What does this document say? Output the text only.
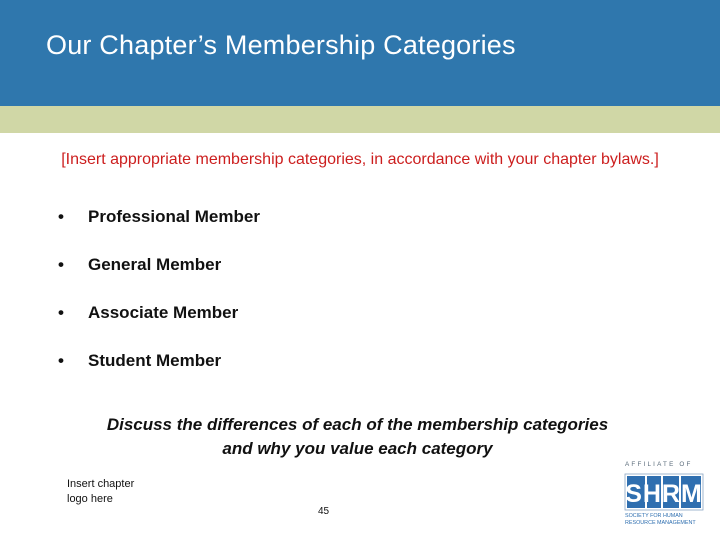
Our Chapter’s Membership Categories
[Insert appropriate membership categories, in accordance with your chapter bylaws.]
•	Professional Member
•	General Member
•	Associate Member
•	Student Member
Discuss the differences of each of the membership categories
and why you value each category
Insert chapter
logo here
45
AFFILIATE OF
SHRM
SOCIETY FOR HUMAN
RESOURCE MANAGEMENT
